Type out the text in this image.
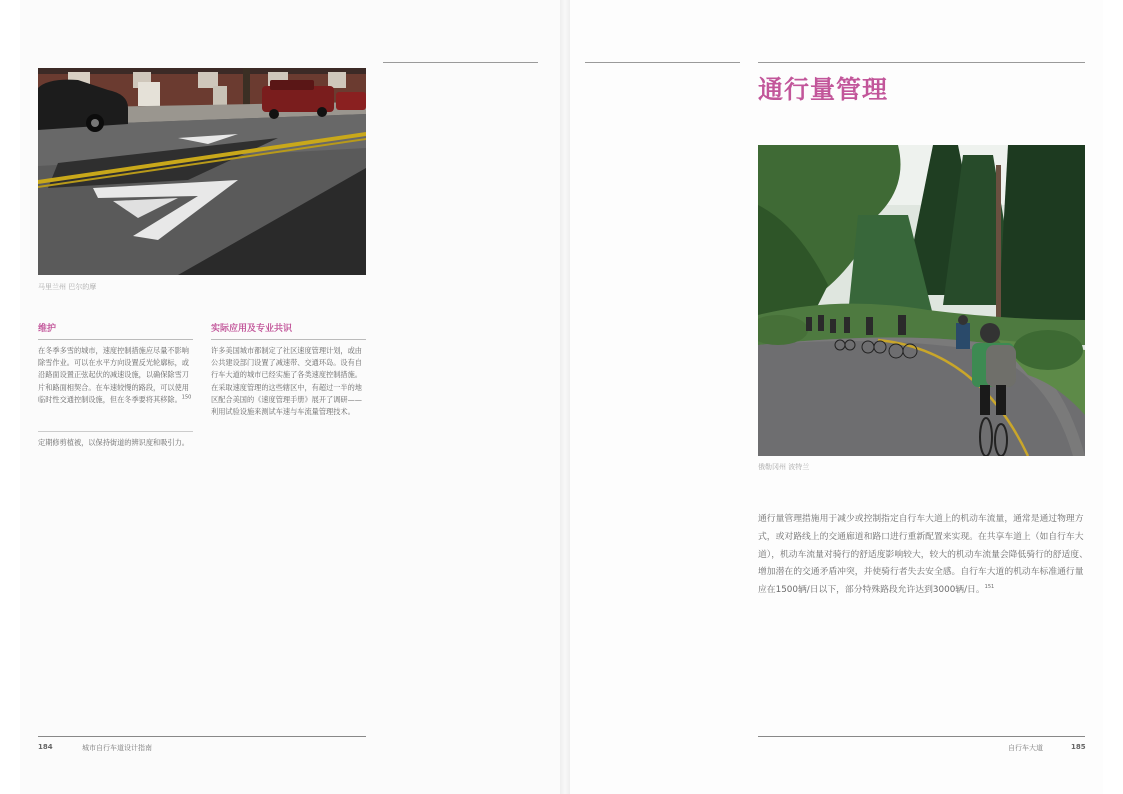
马里兰州 巴尔的摩
维护
在冬季多雪的城市，速度控制措施应尽量不影响除雪作业。可以在水平方向设置反光轮廓标，或沿路面设置正弦起伏的减速设施，以确保除雪刀片和路面相契合。在车速较慢的路段，可以使用临时性交通控制设施，但在冬季要将其移除。$^{150}$
定期修剪植被，以保持街道的辨识度和吸引力。
实际应用及专业共识
许多美国城市都制定了社区速度管理计划，或由公共建设部门设置了减速带、交通环岛。设有自行车大道的城市已经实施了各类速度控制措施。在采取速度管理的这些辖区中，有超过一半的地区配合美国的《速度管理手册》展开了调研——利用试验设施来测试车速与车流量管理技术。
184	城市自行车道设计指南
通行量管理
俄勒冈州 波特兰
通行量管理措施用于减少或控制指定自行车大道上的机动车流量，通常是通过物理方式，或对路线上的交通廊道和路口进行重新配置来实现。在共享车道上（如自行车大道），机动车流量对骑行的舒适度影响较大，较大的机动车流量会降低骑行的舒适度、增加潜在的交通矛盾冲突，并使骑行者失去安全感。自行车大道的机动车标准通行量应在1500辆/日以下，部分特殊路段允许达到3000辆/日。$^{151}$
自行车大道	185
